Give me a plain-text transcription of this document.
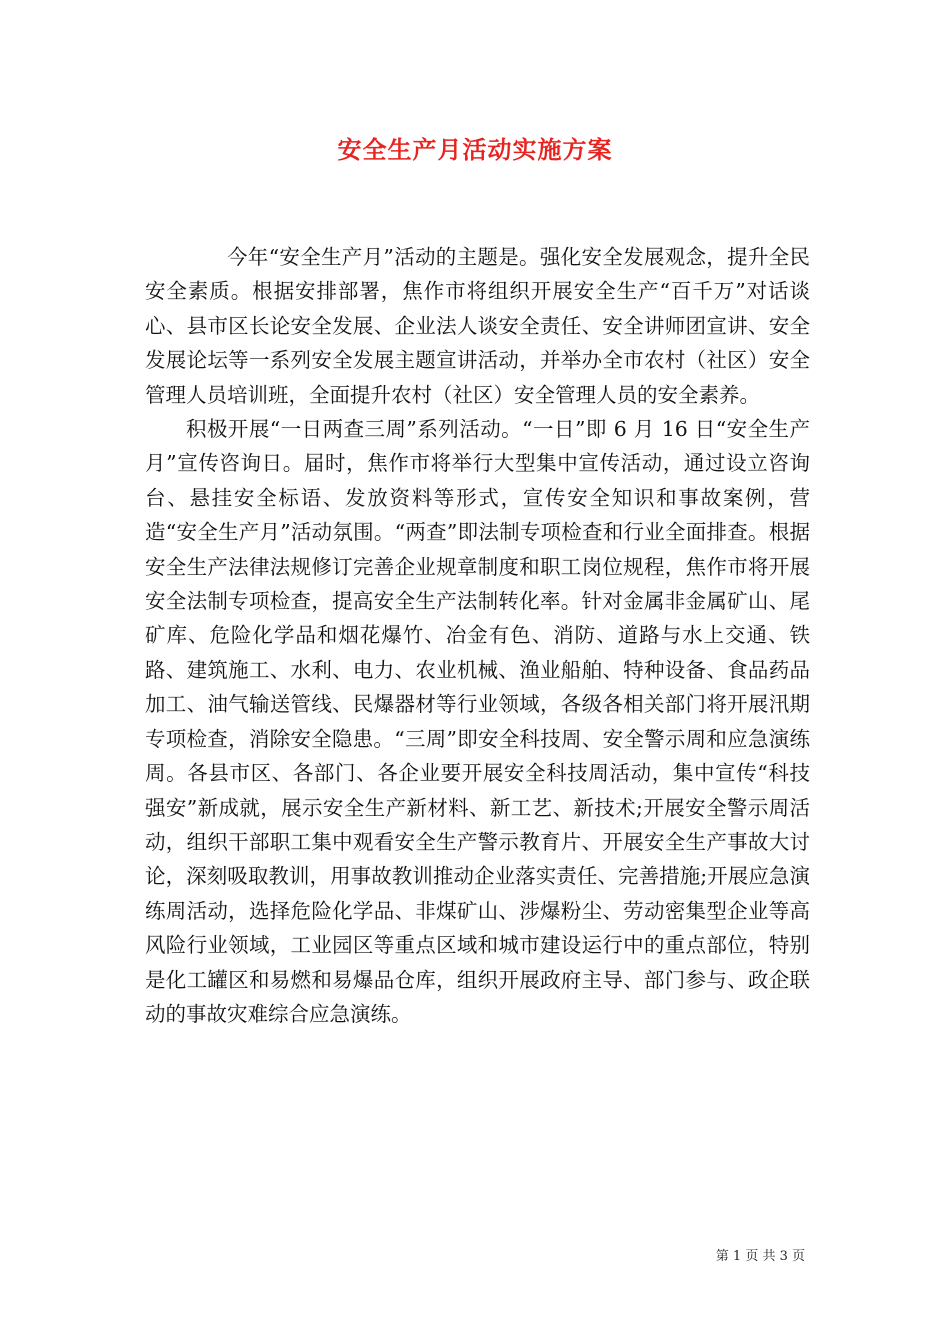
安全生产月活动实施方案

今年“安全生产月”活动的主题是。强化安全发展观念，提升全民安全素质。根据安排部署，焦作市将组织开展安全生产“百千万”对话谈心、县市区长论安全发展、企业法人谈安全责任、安全讲师团宣讲、安全发展论坛等一系列安全发展主题宣讲活动，并举办全市农村（社区）安全管理人员培训班，全面提升农村（社区）安全管理人员的安全素养。

积极开展“一日两查三周”系列活动。“一日”即 6 月 16 日“安全生产月”宣传咨询日。届时，焦作市将举行大型集中宣传活动，通过设立咨询台、悬挂安全标语、发放资料等形式，宣传安全知识和事故案例，营造“安全生产月”活动氛围。“两查”即法制专项检查和行业全面排查。根据安全生产法律法规修订完善企业规章制度和职工岗位规程，焦作市将开展安全法制专项检查，提高安全生产法制转化率。针对金属非金属矿山、尾矿库、危险化学品和烟花爆竹、冶金有色、消防、道路与水上交通、铁路、建筑施工、水利、电力、农业机械、渔业船舶、特种设备、食品药品加工、油气输送管线、民爆器材等行业领域，各级各相关部门将开展汛期专项检查，消除安全隐患。“三周”即安全科技周、安全警示周和应急演练周。各县市区、各部门、各企业要开展安全科技周活动，集中宣传“科技强安”新成就，展示安全生产新材料、新工艺、新技术;开展安全警示周活动，组织干部职工集中观看安全生产警示教育片、开展安全生产事故大讨论，深刻吸取教训，用事故教训推动企业落实责任、完善措施;开展应急演练周活动，选择危险化学品、非煤矿山、涉爆粉尘、劳动密集型企业等高风险行业领域，工业园区等重点区域和城市建设运行中的重点部位，特别是化工罐区和易燃和易爆品仓库，组织开展政府主导、部门参与、政企联动的事故灾难综合应急演练。

第 1 页 共 3 页
